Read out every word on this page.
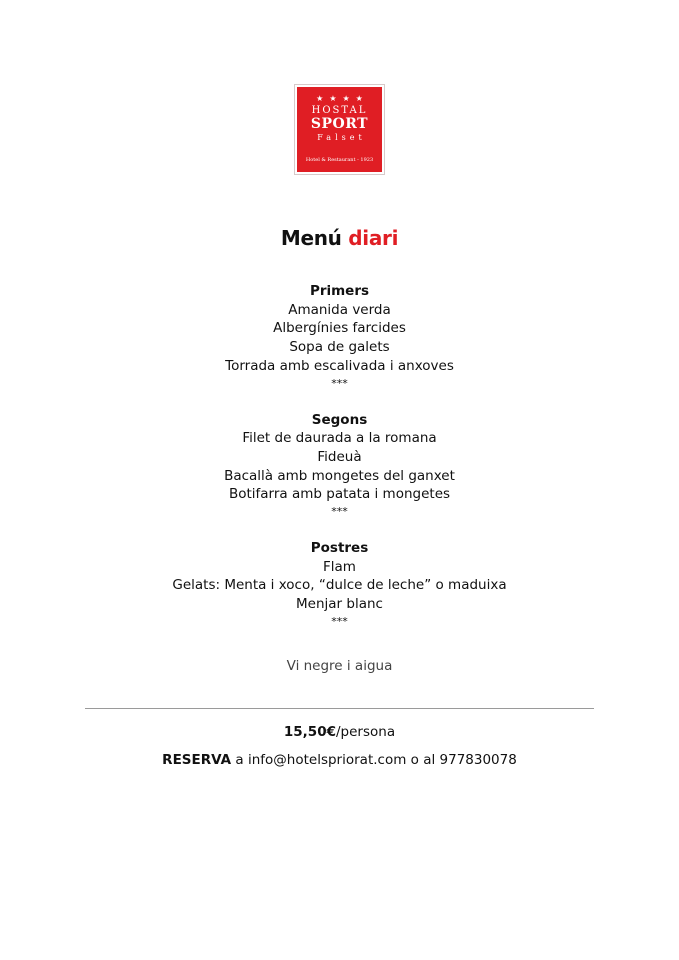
★★★★
HOSTAL
SPORT
Falset
Hotel & Restaurant - 1923
Menú diari
Primers
Amanida verda
Albergínies farcides
Sopa de galets
Torrada amb escalivada i anxoves
***
Segons
Filet de daurada a la romana
Fideuà
Bacallà amb mongetes del ganxet
Botifarra amb patata i mongetes
***
Postres
Flam
Gelats: Menta i xoco, “dulce de leche” o maduixa
Menjar blanc
***
Vi negre i aigua
15,50€/persona
RESERVA a info@hotelspriorat.com o al 977830078
